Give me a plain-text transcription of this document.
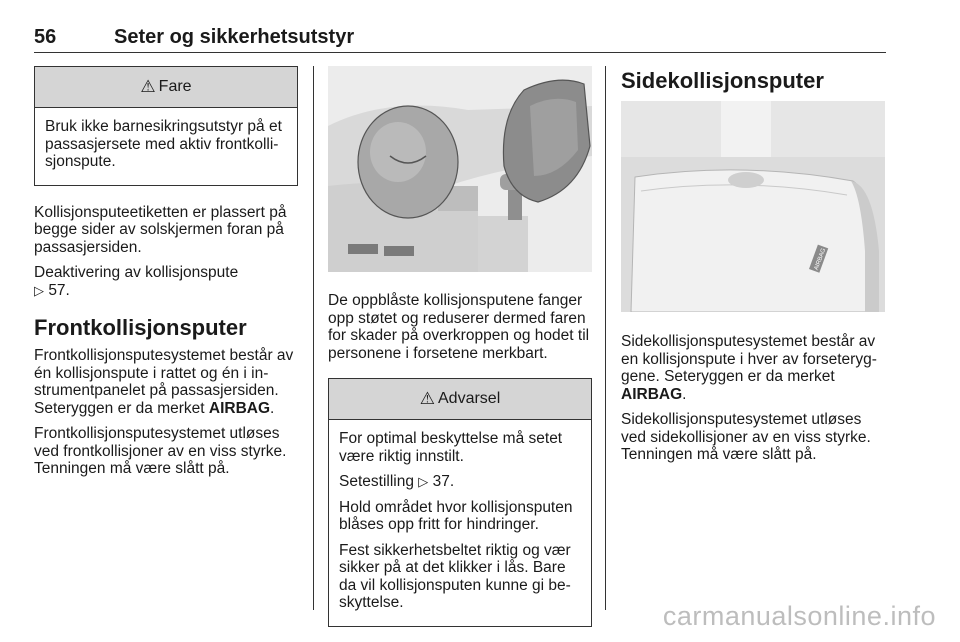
56	Seter og sikkerhetsutstyr
⚠ Fare

Bruk ikke barnesikringsutstyr på et passasjersete med aktiv frontkolli-sjonspute.

Kollisjonsputeetiketten er plassert på begge sider av solskjermen foran på passasjersiden.

Deaktivering av kollisjonspute
▷ 57.

Frontkollisjonsputer

Frontkollisjonsputesystemet består av én kollisjonspute i rattet og én i in-strumentpanelet på passasjersiden. Seteryggen er da merket AIRBAG.

Frontkollisjonsputesystemet utløses ved frontkollisjoner av en viss styrke. Tenningen må være slått på.

De oppblåste kollisjonsputene fanger opp støtet og reduserer dermed faren for skader på overkroppen og hodet til personene i forsetene merkbart.

⚠ Advarsel

For optimal beskyttelse må setet være riktig innstilt.

Setestilling ▷ 37.

Hold området hvor kollisjonsputen blåses opp fritt for hindringer.

Fest sikkerhetsbeltet riktig og vær sikker på at det klikker i lås. Bare da vil kollisjonsputen kunne gi be-skyttelse.

Sidekollisjonsputer
AIRBAG

Sidekollisjonsputesystemet består av en kollisjonspute i hver av forseteryg-gene. Seteryggen er da merket AIRBAG.

Sidekollisjonsputesystemet utløses ved sidekollisjoner av en viss styrke. Tenningen må være slått på.

carmanualsonline.info
